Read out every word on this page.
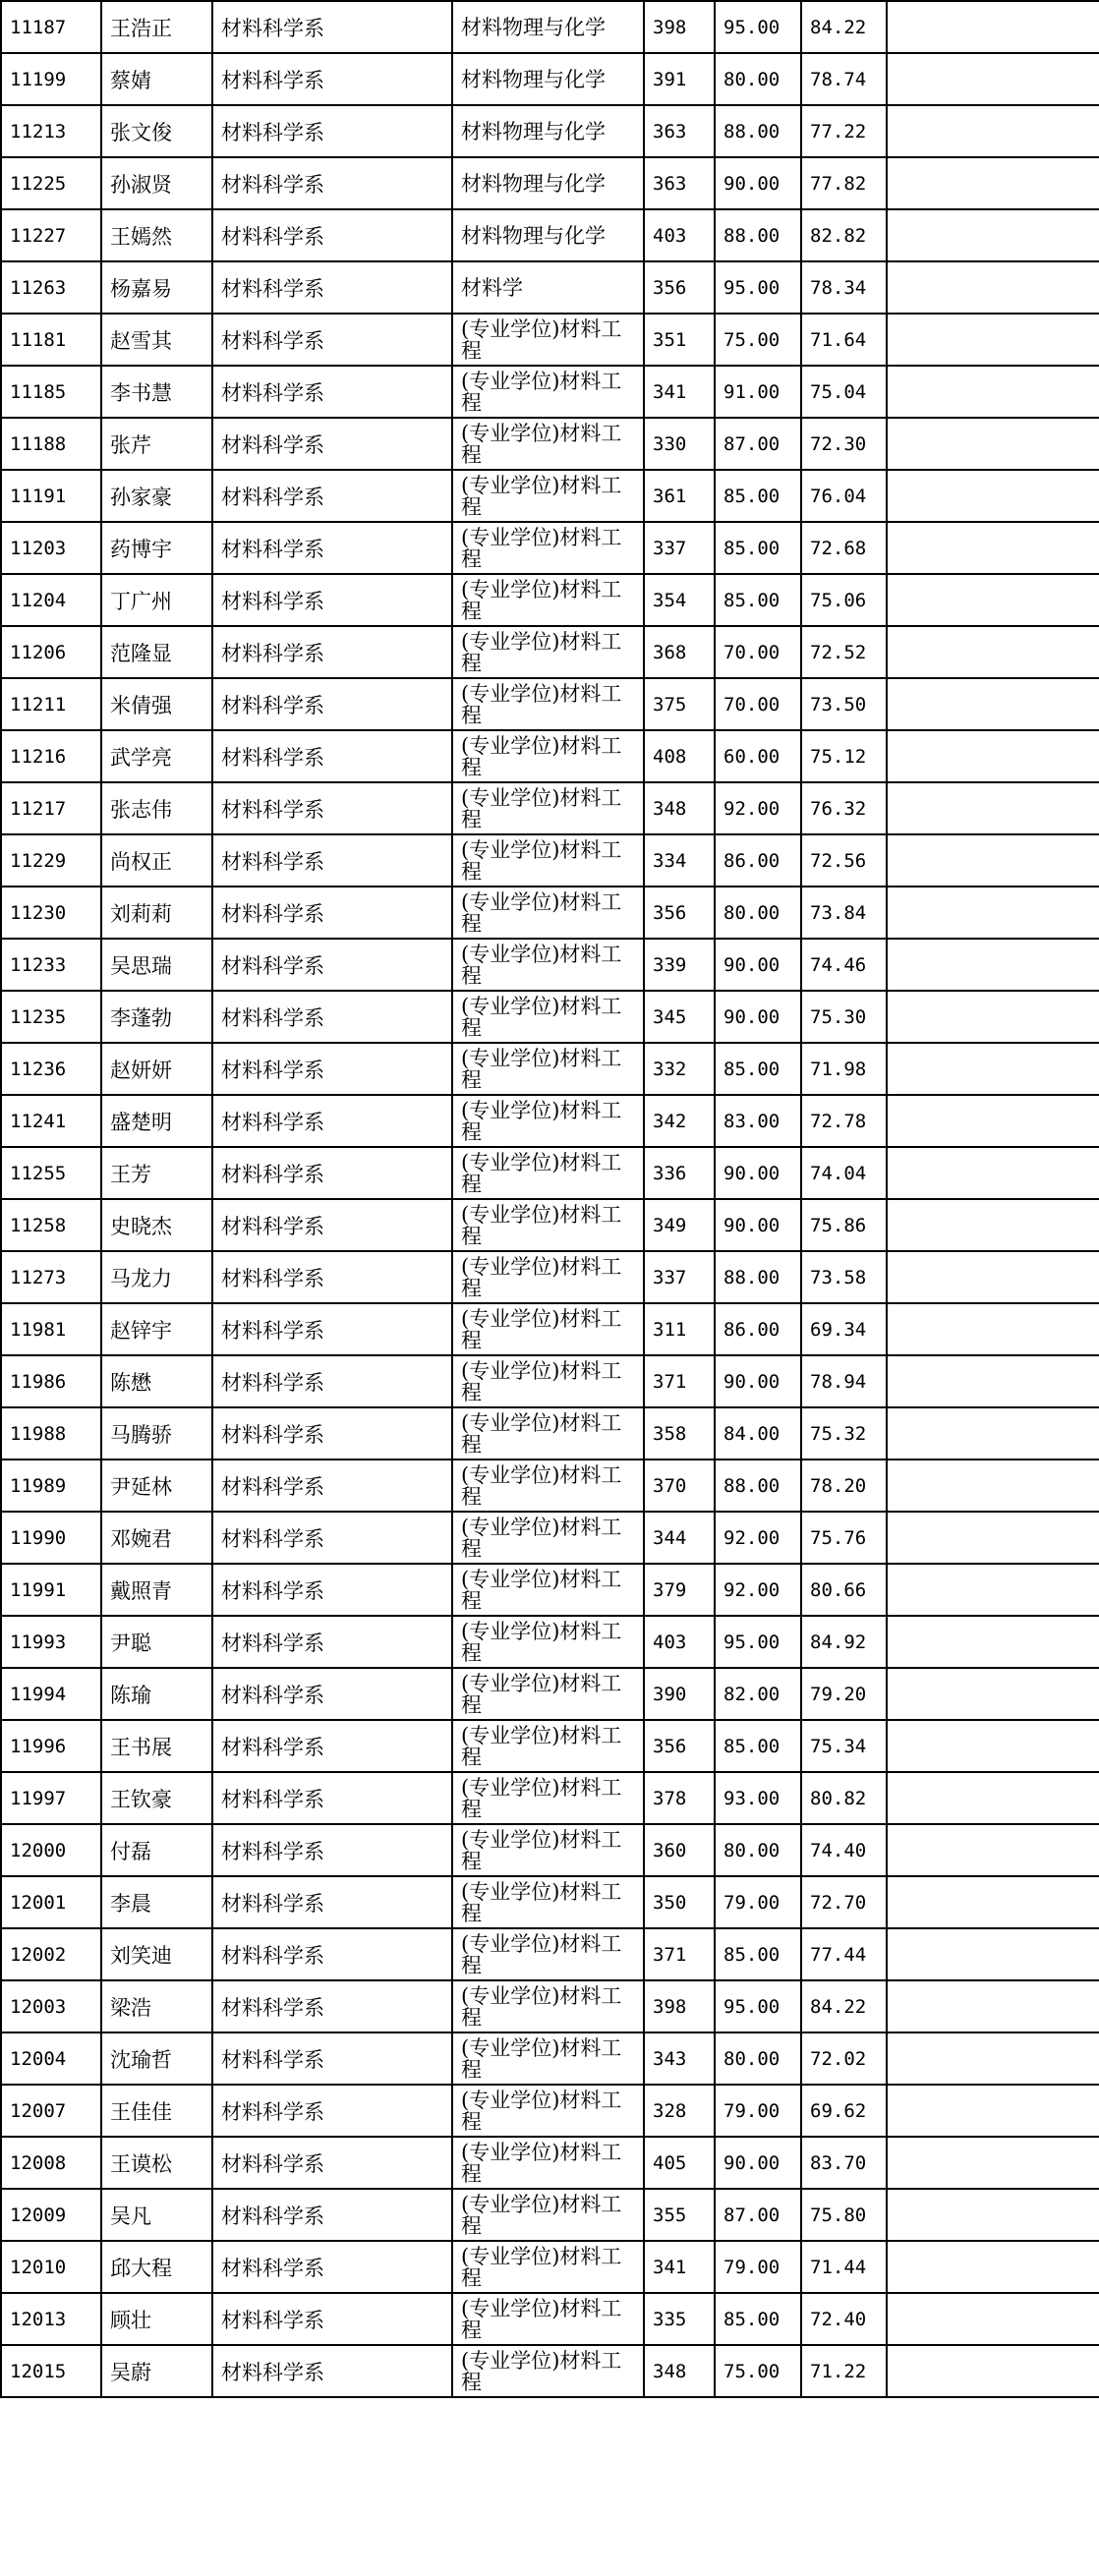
11187	王浩正	材料科学系	材料物理与化学	398	95.00	84.22	
11199	蔡婧	材料科学系	材料物理与化学	391	80.00	78.74	
11213	张文俊	材料科学系	材料物理与化学	363	88.00	77.22	
11225	孙淑贤	材料科学系	材料物理与化学	363	90.00	77.82	
11227	王嫣然	材料科学系	材料物理与化学	403	88.00	82.82	
11263	杨嘉易	材料科学系	材料学	356	95.00	78.34	
11181	赵雪其	材料科学系	(专业学位)材料工程	351	75.00	71.64	
11185	李书慧	材料科学系	(专业学位)材料工程	341	91.00	75.04	
11188	张芹	材料科学系	(专业学位)材料工程	330	87.00	72.30	
11191	孙家豪	材料科学系	(专业学位)材料工程	361	85.00	76.04	
11203	药博宇	材料科学系	(专业学位)材料工程	337	85.00	72.68	
11204	丁广州	材料科学系	(专业学位)材料工程	354	85.00	75.06	
11206	范隆显	材料科学系	(专业学位)材料工程	368	70.00	72.52	
11211	米倩强	材料科学系	(专业学位)材料工程	375	70.00	73.50	
11216	武学亮	材料科学系	(专业学位)材料工程	408	60.00	75.12	
11217	张志伟	材料科学系	(专业学位)材料工程	348	92.00	76.32	
11229	尚权正	材料科学系	(专业学位)材料工程	334	86.00	72.56	
11230	刘莉莉	材料科学系	(专业学位)材料工程	356	80.00	73.84	
11233	吴思瑞	材料科学系	(专业学位)材料工程	339	90.00	74.46	
11235	李蓬勃	材料科学系	(专业学位)材料工程	345	90.00	75.30	
11236	赵妍妍	材料科学系	(专业学位)材料工程	332	85.00	71.98	
11241	盛楚明	材料科学系	(专业学位)材料工程	342	83.00	72.78	
11255	王芳	材料科学系	(专业学位)材料工程	336	90.00	74.04	
11258	史晓杰	材料科学系	(专业学位)材料工程	349	90.00	75.86	
11273	马龙力	材料科学系	(专业学位)材料工程	337	88.00	73.58	
11981	赵锌宇	材料科学系	(专业学位)材料工程	311	86.00	69.34	
11986	陈懋	材料科学系	(专业学位)材料工程	371	90.00	78.94	
11988	马腾骄	材料科学系	(专业学位)材料工程	358	84.00	75.32	
11989	尹延林	材料科学系	(专业学位)材料工程	370	88.00	78.20	
11990	邓婉君	材料科学系	(专业学位)材料工程	344	92.00	75.76	
11991	戴照青	材料科学系	(专业学位)材料工程	379	92.00	80.66	
11993	尹聪	材料科学系	(专业学位)材料工程	403	95.00	84.92	
11994	陈瑜	材料科学系	(专业学位)材料工程	390	82.00	79.20	
11996	王书展	材料科学系	(专业学位)材料工程	356	85.00	75.34	
11997	王钦豪	材料科学系	(专业学位)材料工程	378	93.00	80.82	
12000	付磊	材料科学系	(专业学位)材料工程	360	80.00	74.40	
12001	李晨	材料科学系	(专业学位)材料工程	350	79.00	72.70	
12002	刘笑迪	材料科学系	(专业学位)材料工程	371	85.00	77.44	
12003	梁浩	材料科学系	(专业学位)材料工程	398	95.00	84.22	
12004	沈瑜哲	材料科学系	(专业学位)材料工程	343	80.00	72.02	
12007	王佳佳	材料科学系	(专业学位)材料工程	328	79.00	69.62	
12008	王谟松	材料科学系	(专业学位)材料工程	405	90.00	83.70	
12009	吴凡	材料科学系	(专业学位)材料工程	355	87.00	75.80	
12010	邱大程	材料科学系	(专业学位)材料工程	341	79.00	71.44	
12013	顾壮	材料科学系	(专业学位)材料工程	335	85.00	72.40	
12015	吴蔚	材料科学系	(专业学位)材料工程	348	75.00	71.22	
